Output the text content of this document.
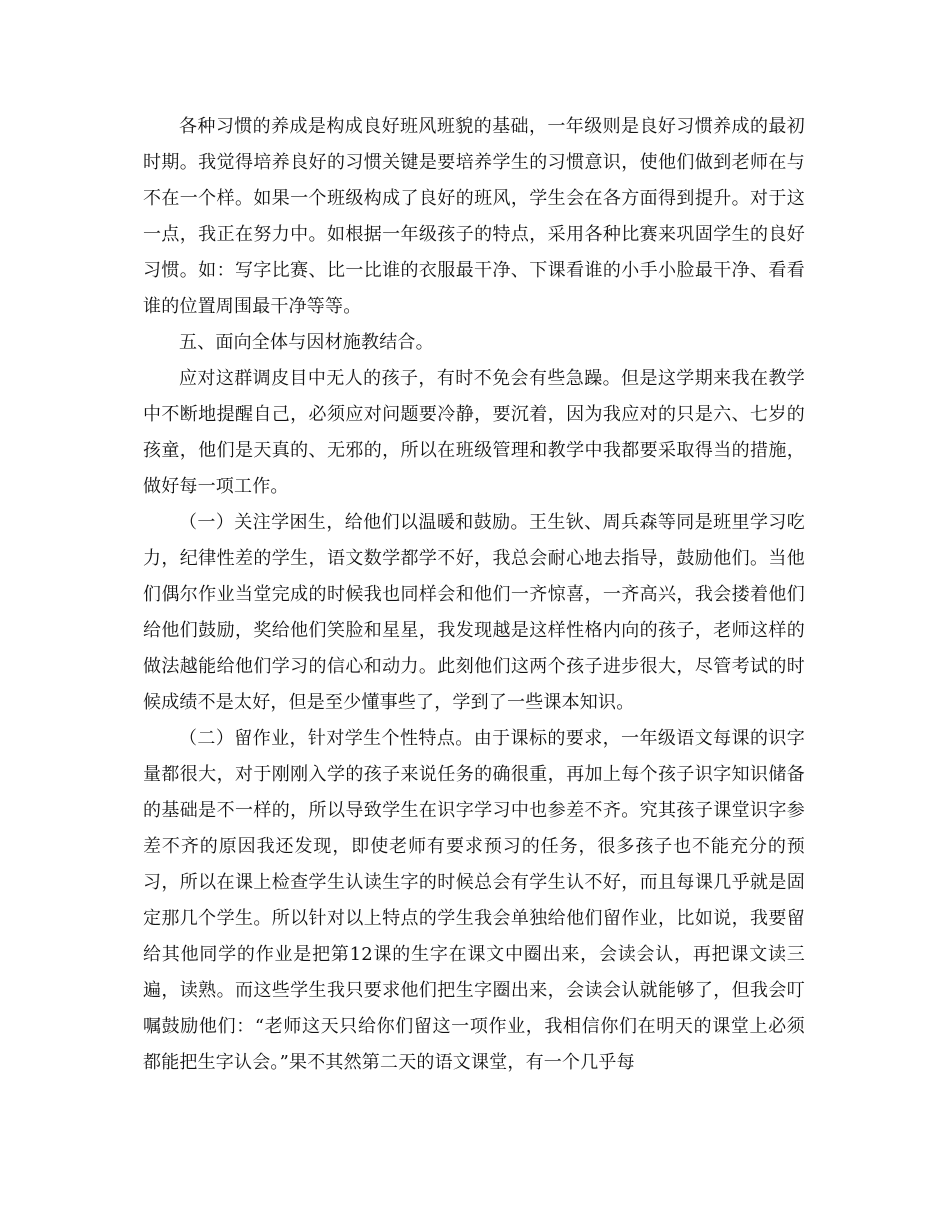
各种习惯的养成是构成良好班风班貌的基础，一年级则是良好习惯养成的最初时期。我觉得培养良好的习惯关键是要培养学生的习惯意识，使他们做到老师在与不在一个样。如果一个班级构成了良好的班风，学生会在各方面得到提升。对于这一点，我正在努力中。如根据一年级孩子的特点，采用各种比赛来巩固学生的良好习惯。如：写字比赛、比一比谁的衣服最干净、下课看谁的小手小脸最干净、看看谁的位置周围最干净等等。

五、面向全体与因材施教结合。

应对这群调皮目中无人的孩子，有时不免会有些急躁。但是这学期来我在教学中不断地提醒自己，必须应对问题要冷静，要沉着，因为我应对的只是六、七岁的孩童，他们是天真的、无邪的，所以在班级管理和教学中我都要采取得当的措施，做好每一项工作。

（一）关注学困生，给他们以温暖和鼓励。王生钬、周兵森等同是班里学习吃力，纪律性差的学生，语文数学都学不好，我总会耐心地去指导，鼓励他们。当他们偶尔作业当堂完成的时候我也同样会和他们一齐惊喜，一齐高兴，我会搂着他们给他们鼓励，奖给他们笑脸和星星，我发现越是这样性格内向的孩子，老师这样的做法越能给他们学习的信心和动力。此刻他们这两个孩子进步很大，尽管考试的时候成绩不是太好，但是至少懂事些了，学到了一些课本知识。

（二）留作业，针对学生个性特点。由于课标的要求，一年级语文每课的识字量都很大，对于刚刚入学的孩子来说任务的确很重，再加上每个孩子识字知识储备的基础是不一样的，所以导致学生在识字学习中也参差不齐。究其孩子课堂识字参差不齐的原因我还发现，即使老师有要求预习的任务，很多孩子也不能充分的预习，所以在课上检查学生认读生字的时候总会有学生认不好，而且每课几乎就是固定那几个学生。所以针对以上特点的学生我会单独给他们留作业，比如说，我要留给其他同学的作业是把第12课的生字在课文中圈出来，会读会认，再把课文读三遍，读熟。而这些学生我只要求他们把生字圈出来，会读会认就能够了，但我会叮嘱鼓励他们：“老师这天只给你们留这一项作业，我相信你们在明天的课堂上必须都能把生字认会。”果不其然第二天的语文课堂，有一个几乎每
